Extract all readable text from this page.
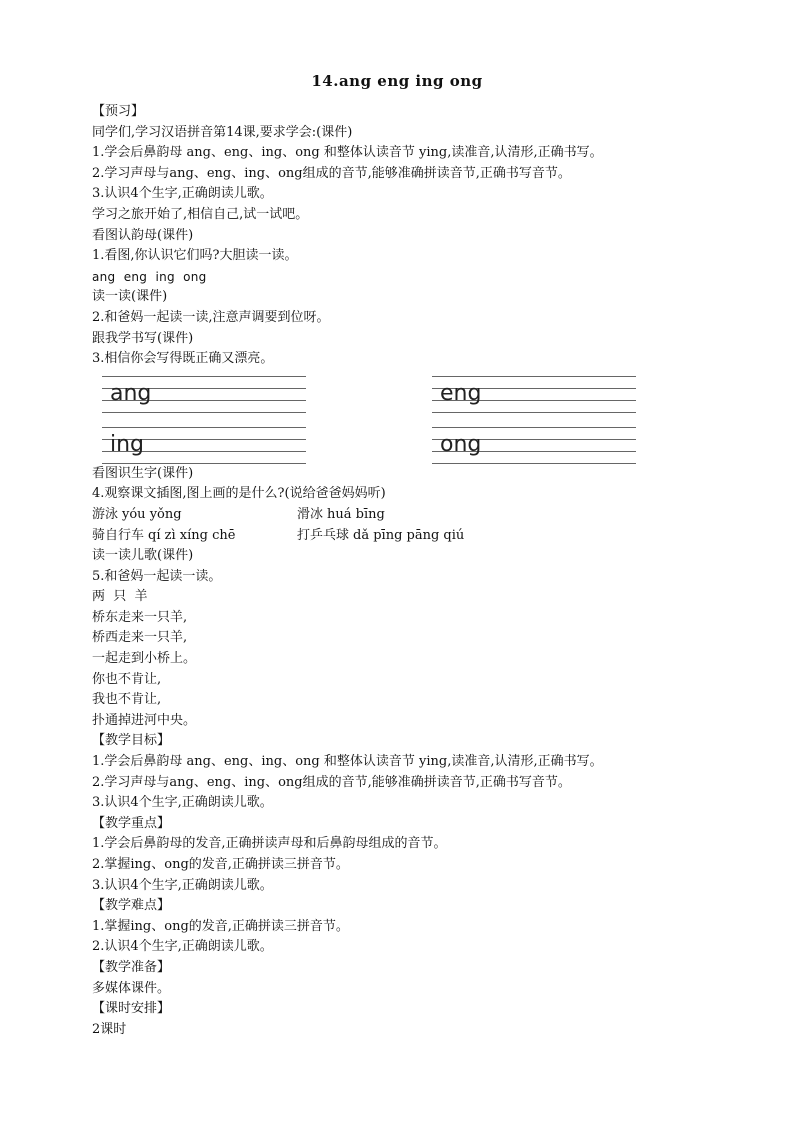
14.ang eng ing ong
【预习】
同学们,学习汉语拼音第14课,要求学会:(课件)
1.学会后鼻韵母 ang、eng、ing、ong 和整体认读音节 ying,读准音,认清形,正确书写。
2.学习声母与ang、eng、ing、ong组成的音节,能够准确拼读音节,正确书写音节。
3.认识4个生字,正确朗读儿歌。
学习之旅开始了,相信自己,试一试吧。
看图认韵母(课件)
1.看图,你认识它们吗?大胆读一读。
ang  eng  ing  ong
读一读(课件)
2.和爸妈一起读一读,注意声调要到位呀。
跟我学书写(课件)
3.相信你会写得既正确又漂亮。
ang	eng
ing	ong
看图识生字(课件)
4.观察课文插图,图上画的是什么?(说给爸爸妈妈听)
游泳 yóu yǒng	滑冰 huá bīng
骑自行车 qí zì xíng chē	打乒乓球 dǎ pīng pāng qiú
读一读儿歌(课件)
5.和爸妈一起读一读。
两  只  羊
桥东走来一只羊,
桥西走来一只羊,
一起走到小桥上。
你也不肯让,
我也不肯让,
扑通掉进河中央。
【教学目标】
1.学会后鼻韵母 ang、eng、ing、ong 和整体认读音节 ying,读准音,认清形,正确书写。
2.学习声母与ang、eng、ing、ong组成的音节,能够准确拼读音节,正确书写音节。
3.认识4个生字,正确朗读儿歌。
【教学重点】
1.学会后鼻韵母的发音,正确拼读声母和后鼻韵母组成的音节。
2.掌握ing、ong的发音,正确拼读三拼音节。
3.认识4个生字,正确朗读儿歌。
【教学难点】
1.掌握ing、ong的发音,正确拼读三拼音节。
2.认识4个生字,正确朗读儿歌。
【教学准备】
多媒体课件。
【课时安排】
2课时
